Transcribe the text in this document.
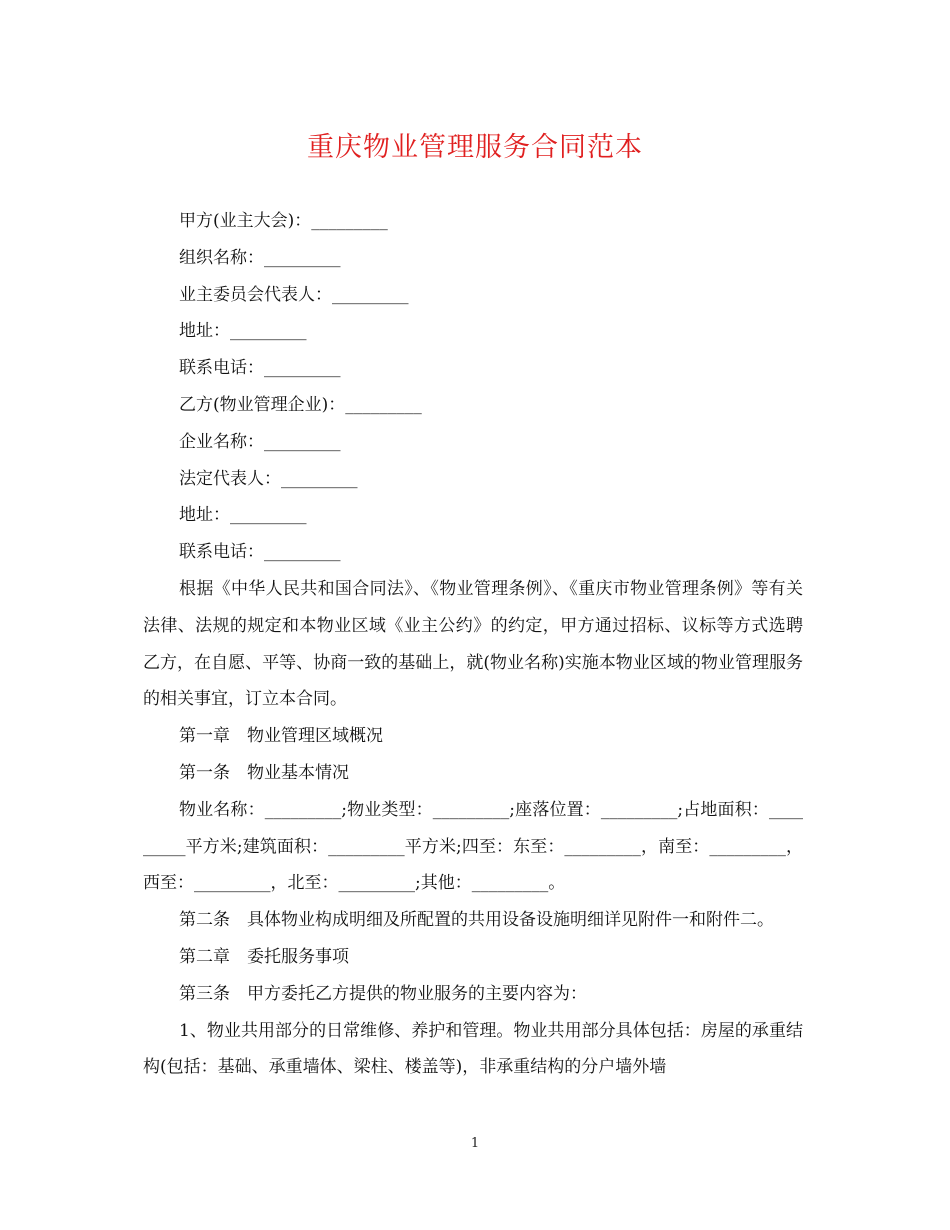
重庆物业管理服务合同范本
甲方(业主大会)：_________
组织名称：_________
业主委员会代表人：_________
地址：_________
联系电话：_________
乙方(物业管理企业)：_________
企业名称：_________
法定代表人：_________
地址：_________
联系电话：_________
根据《中华人民共和国合同法》、《物业管理条例》、《重庆市物业管理条例》等有关法律、法规的规定和本物业区域《业主公约》的约定，甲方通过招标、议标等方式选聘乙方，在自愿、平等、协商一致的基础上，就(物业名称)实施本物业区域的物业管理服务的相关事宜，订立本合同。
第一章　物业管理区域概况
第一条　物业基本情况
物业名称：_________;物业类型：_________;座落位置：_________;占地面积：_________平方米;建筑面积：_________平方米;四至：东至：_________，南至：_________，西至：_________，北至：_________;其他：_________。
第二条　具体物业构成明细及所配置的共用设备设施明细详见附件一和附件二。
第二章　委托服务事项
第三条　甲方委托乙方提供的物业服务的主要内容为：
1、物业共用部分的日常维修、养护和管理。物业共用部分具体包括：房屋的承重结构(包括：基础、承重墙体、梁柱、楼盖等)，非承重结构的分户墙外墙
1
